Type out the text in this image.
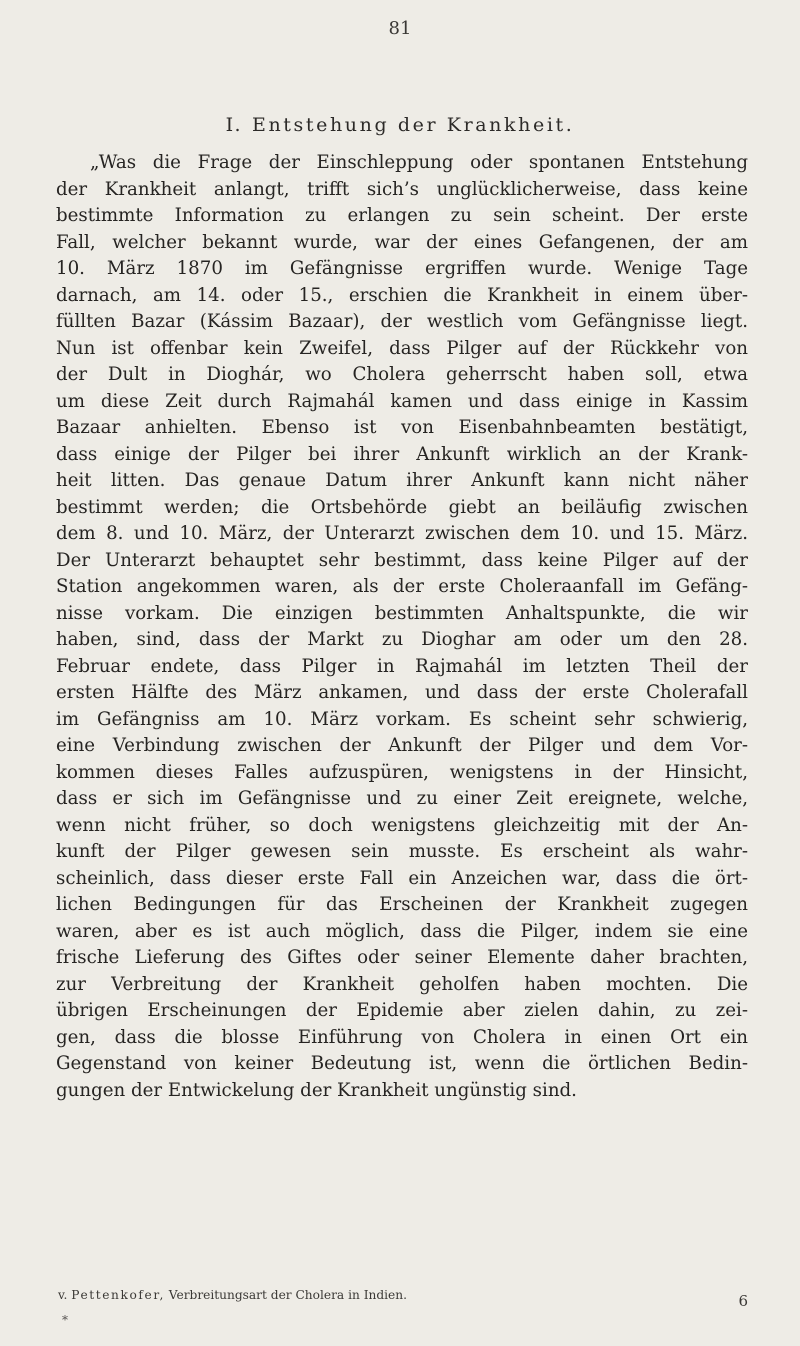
81
I. Entstehung der Krankheit.
„Was die Frage der Einschleppung oder spontanen Entstehung
der Krankheit anlangt, trifft sich’s unglücklicherweise, dass keine
bestimmte Information zu erlangen zu sein scheint. Der erste
Fall, welcher bekannt wurde, war der eines Gefangenen, der am
10. März 1870 im Gefängnisse ergriffen wurde. Wenige Tage
darnach, am 14. oder 15., erschien die Krankheit in einem über-
füllten Bazar (Kássim Bazaar), der westlich vom Gefängnisse liegt.
Nun ist offenbar kein Zweifel, dass Pilger auf der Rückkehr von
der Dult in Dioghár, wo Cholera geherrscht haben soll, etwa
um diese Zeit durch Rajmahál kamen und dass einige in Kassim
Bazaar anhielten. Ebenso ist von Eisenbahnbeamten bestätigt,
dass einige der Pilger bei ihrer Ankunft wirklich an der Krank-
heit litten. Das genaue Datum ihrer Ankunft kann nicht näher
bestimmt werden; die Ortsbehörde giebt an beiläufig zwischen
dem 8. und 10. März, der Unterarzt zwischen dem 10. und 15. März.
Der Unterarzt behauptet sehr bestimmt, dass keine Pilger auf der
Station angekommen waren, als der erste Choleraanfall im Gefäng-
nisse vorkam. Die einzigen bestimmten Anhaltspunkte, die wir
haben, sind, dass der Markt zu Dioghar am oder um den 28.
Februar endete, dass Pilger in Rajmahál im letzten Theil der
ersten Hälfte des März ankamen, und dass der erste Cholerafall
im Gefängniss am 10. März vorkam. Es scheint sehr schwierig,
eine Verbindung zwischen der Ankunft der Pilger und dem Vor-
kommen dieses Falles aufzuspüren, wenigstens in der Hinsicht,
dass er sich im Gefängnisse und zu einer Zeit ereignete, welche,
wenn nicht früher, so doch wenigstens gleichzeitig mit der An-
kunft der Pilger gewesen sein musste. Es erscheint als wahr-
scheinlich, dass dieser erste Fall ein Anzeichen war, dass die ört-
lichen Bedingungen für das Erscheinen der Krankheit zugegen
waren, aber es ist auch möglich, dass die Pilger, indem sie eine
frische Lieferung des Giftes oder seiner Elemente daher brachten,
zur Verbreitung der Krankheit geholfen haben mochten. Die
übrigen Erscheinungen der Epidemie aber zielen dahin, zu zei-
gen, dass die blosse Einführung von Cholera in einen Ort ein
Gegenstand von keiner Bedeutung ist, wenn die örtlichen Bedin-
gungen der Entwickelung der Krankheit ungünstig sind.
v. Pettenkofer, Verbreitungsart der Cholera in Indien.	6
*
